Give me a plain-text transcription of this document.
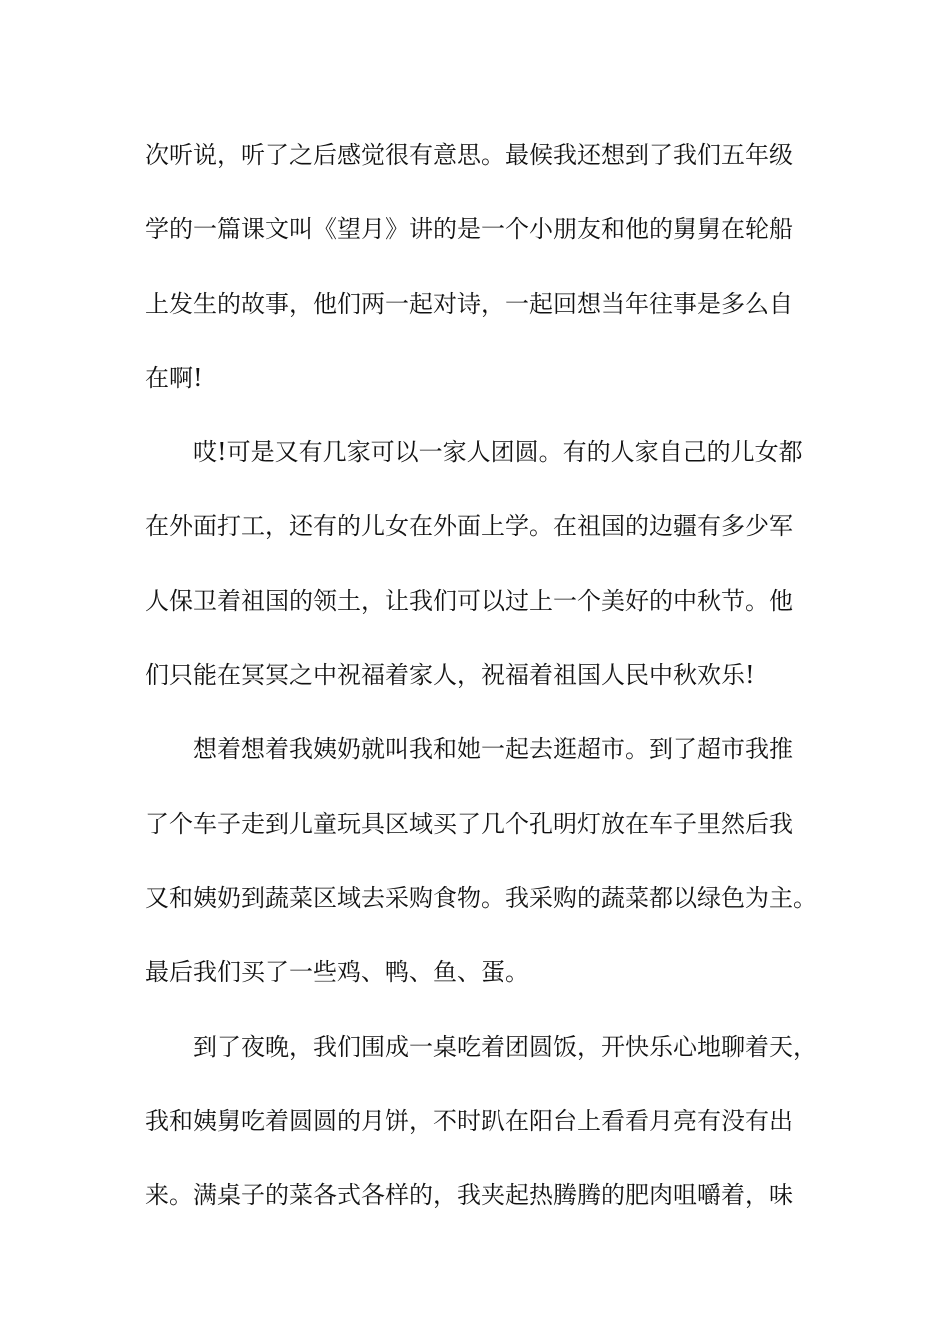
次听说，听了之后感觉很有意思。最候我还想到了我们五年级
学的一篇课文叫《望月》讲的是一个小朋友和他的舅舅在轮船
上发生的故事，他们两一起对诗，一起回想当年往事是多么自
在啊!
哎!可是又有几家可以一家人团圆。有的人家自己的儿女都
在外面打工，还有的儿女在外面上学。在祖国的边疆有多少军
人保卫着祖国的领土，让我们可以过上一个美好的中秋节。他
们只能在冥冥之中祝福着家人，祝福着祖国人民中秋欢乐!
想着想着我姨奶就叫我和她一起去逛超市。到了超市我推
了个车子走到儿童玩具区域买了几个孔明灯放在车子里然后我
又和姨奶到蔬菜区域去采购食物。我采购的蔬菜都以绿色为主。
最后我们买了一些鸡、鸭、鱼、蛋。
到了夜晚，我们围成一桌吃着团圆饭，开快乐心地聊着天，
我和姨舅吃着圆圆的月饼，不时趴在阳台上看看月亮有没有出
来。满桌子的菜各式各样的，我夹起热腾腾的肥肉咀嚼着，味
